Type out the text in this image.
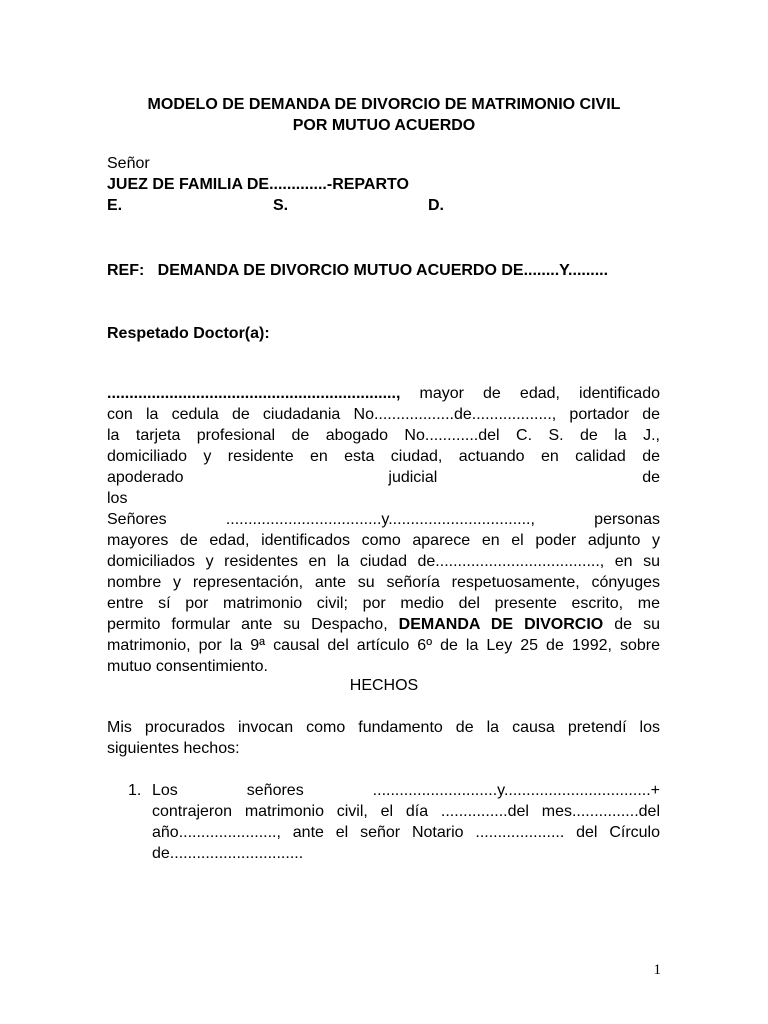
MODELO DE DEMANDA DE DIVORCIO DE MATRIMONIO CIVIL
POR MUTUO ACUERDO
Señor
JUEZ DE FAMILIA DE.............-REPARTO
E.	S.	D.
REF:   DEMANDA DE DIVORCIO MUTUO ACUERDO DE........Y.........
Respetado Doctor(a):
................................................................., mayor de edad, identificado
con la cedula de ciudadania No..................de.................., portador de
la tarjeta profesional de abogado No............del C. S. de la J.,
domiciliado y residente en esta ciudad, actuando en calidad de
apoderado judicial de los
Señores ...................................y................................, personas
mayores de edad, identificados como aparece en el poder adjunto y
domiciliados y residentes en la ciudad de....................................., en su
nombre y representación, ante su señoría respetuosamente, cónyuges
entre sí por matrimonio civil; por medio del presente escrito, me
permito formular ante su Despacho, DEMANDA DE DIVORCIO de su
matrimonio, por la 9ª causal del artículo 6º de la Ley 25 de 1992, sobre
mutuo consentimiento.
HECHOS
Mis procurados invocan como fundamento de la causa pretendí los
siguientes hechos:
1. Los señores ............................y.................................+
contrajeron matrimonio civil, el día ...............del mes...............del
año......................, ante el señor Notario .................... del Círculo
de..............................
1
